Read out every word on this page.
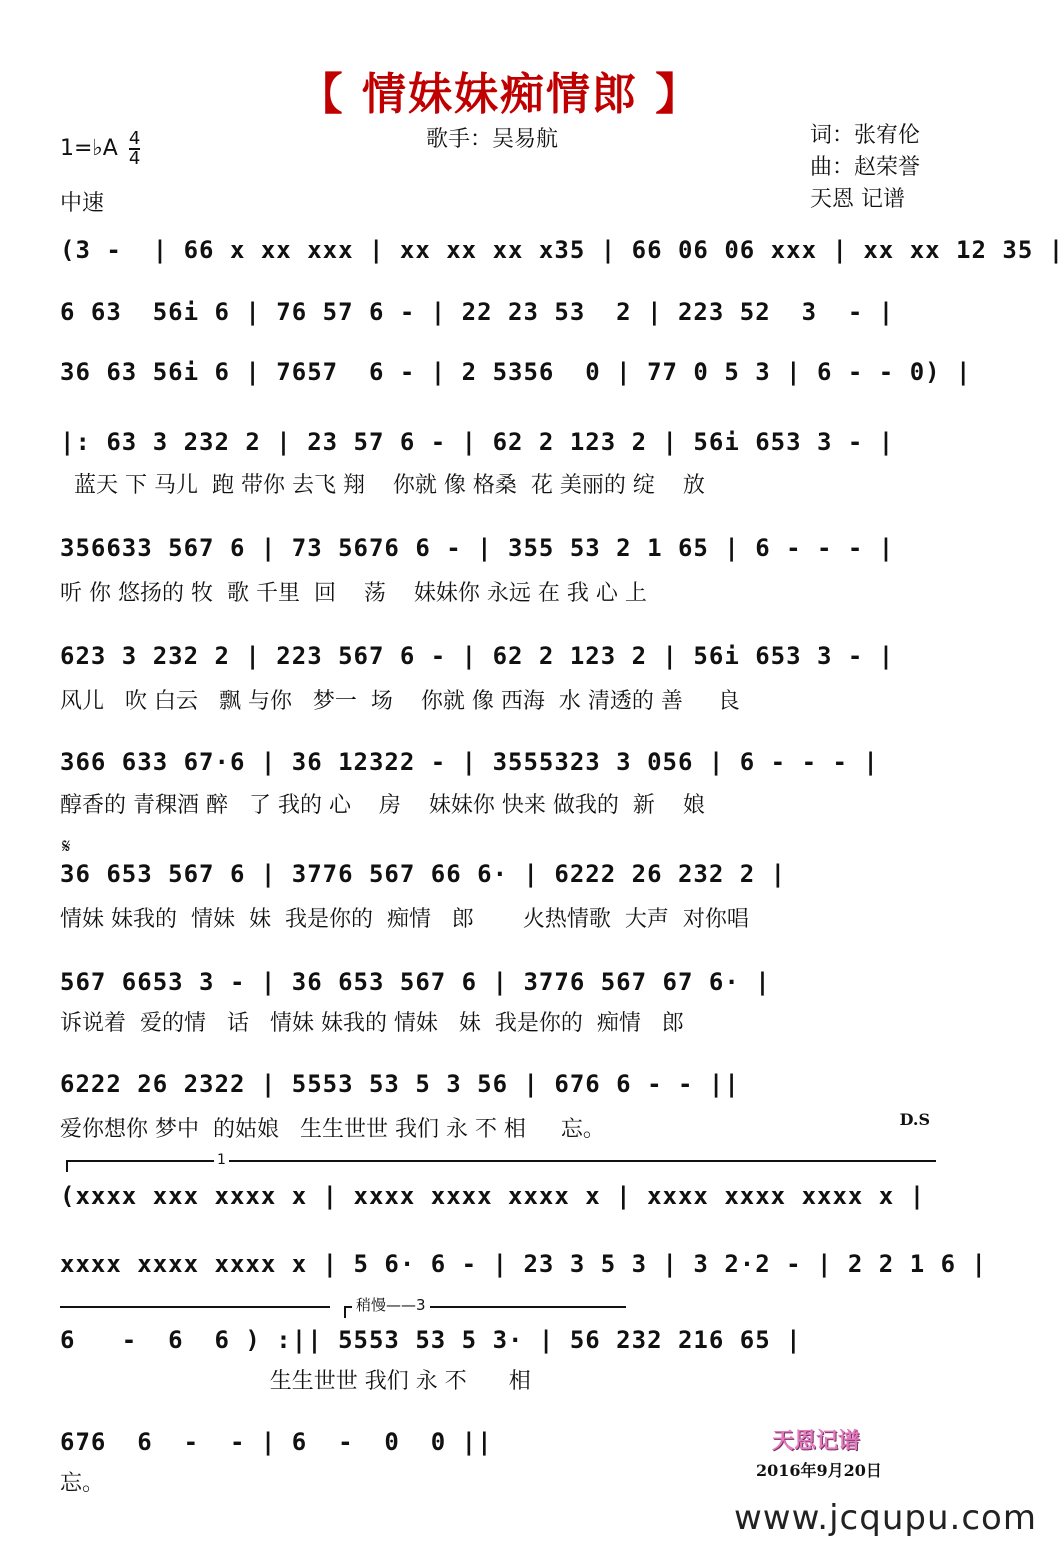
【 情妹妹痴情郎 】
1=♭A $\frac{4}{4}$
中速
歌手：吴易航	词：张宥伦
曲：赵荣誉
天恩 记谱
(3 -  | 66 x xx xxx | xx xx xx x35 | 66 06 06 xxx | xx xx 12 35 |
6 63  56i 6 | 76 57 6 - | 22 23 53  2 | 223 52  3  - |
36 63 56i 6 | 7657  6 - | 2 5356  0 | 77 0 5 3 | 6 - - 0) |
|: 63 3 232 2 | 23 57 6 - | 62 2 123 2 | 56i 653 3 - |
蓝天 下 马儿  跑 带你 去飞 翔    你就 像 格桑  花 美丽的 绽    放
356633 567 6 | 73 5676 6 - | 355 53 2 1 65 | 6 - - - |
听 你 悠扬的 牧  歌 千里  回    荡    妹妹你 永远 在 我 心 上
623 3 232 2 | 223 567 6 - | 62 2 123 2 | 56i 653 3 - |
风儿   吹 白云   飘 与你   梦一  场    你就 像 西海  水 清透的 善     良
366 633 67·6 | 36 12322 - | 3555323 3 056 | 6 - - - |
醇香的 青稞酒 醉   了 我的 心    房    妹妹你 快来 做我的  新    娘
𝄋
36 653 567 6 | 3776 567 66 6· | 6222 26 232 2 |
情妹 妹我的  情妹  妹  我是你的  痴情   郎       火热情歌  大声  对你唱
567 6653 3 - | 36 653 567 6 | 3776 567 67 6· |
诉说着  爱的情   话   情妹 妹我的 情妹   妹  我是你的  痴情   郎
6222 26 2322 | 5553 53 5 3 56 | 676 6 - - ||
爱你想你 梦中  的姑娘   生生世世 我们 永 不 相     忘。	D.S
1
(xxxx xxx xxxx x | xxxx xxxx xxxx x | xxxx xxxx xxxx x |
xxxx xxxx xxxx x | 5 6· 6 - | 23 3 5 3 | 3 2·2 - | 2 2 1 6 |
稍慢——3
6   -  6  6 ) :|| 5553 53 5 3· | 56 232 216 65 |
生生世世 我们 永 不      相
676  6  -  - | 6  -  0  0 ||
忘。
天恩记谱
2016年9月20日
www.jcqupu.com
